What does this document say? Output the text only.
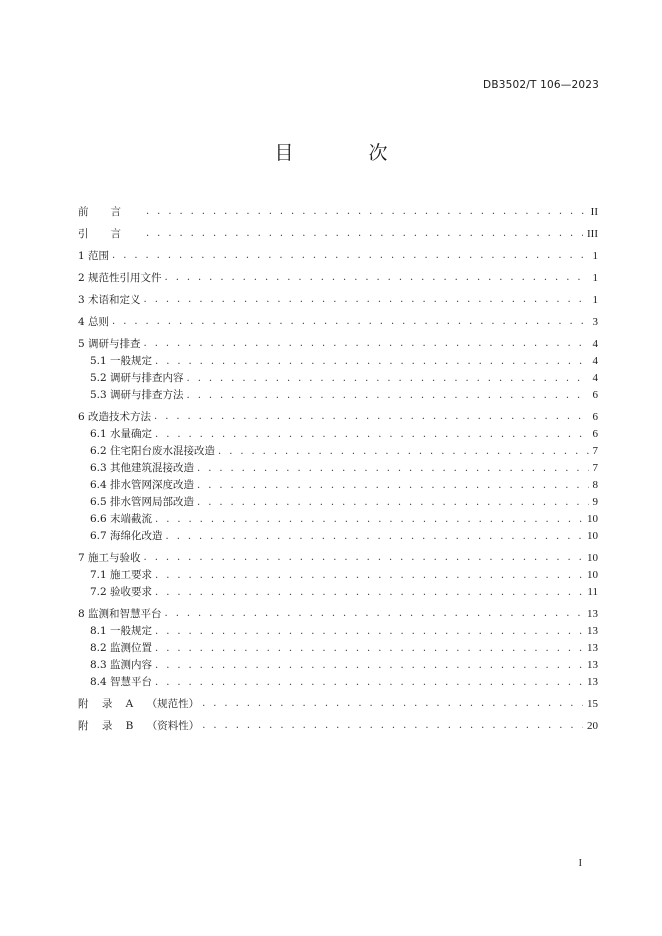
DB3502/T 106—2023
目　次
前言 . . .	II
引言 . . .	III
1 范围 . . .	1
2 规范性引用文件 . . .	1
3 术语和定义 . . .	1
4 总则 . . .	3
5 调研与排查 . . .	4
5.1 一般规定 . . .	4
5.2 调研与排查内容 . . .	4
5.3 调研与排查方法 . . .	6
6 改造技术方法 . . .	6
6.1 水量确定 . . .	6
6.2 住宅阳台废水混接改造 . . .	7
6.3 其他建筑混接改造 . . .	7
6.4 排水管网深度改造 . . .	8
6.5 排水管网局部改造 . . .	9
6.6 末端截流 . . .	10
6.7 海绵化改造 . . .	10
7 施工与验收 . . .	10
7.1 施工要求 . . .	10
7.2 验收要求 . . .	11
8 监测和智慧平台 . . .	13
8.1 一般规定 . . .	13
8.2 监测位置 . . .	13
8.3 监测内容 . . .	13
8.4 智慧平台 . . .	13
附 录 A （规范性） . . .	15
附 录 B （资料性） . . .	20
I
